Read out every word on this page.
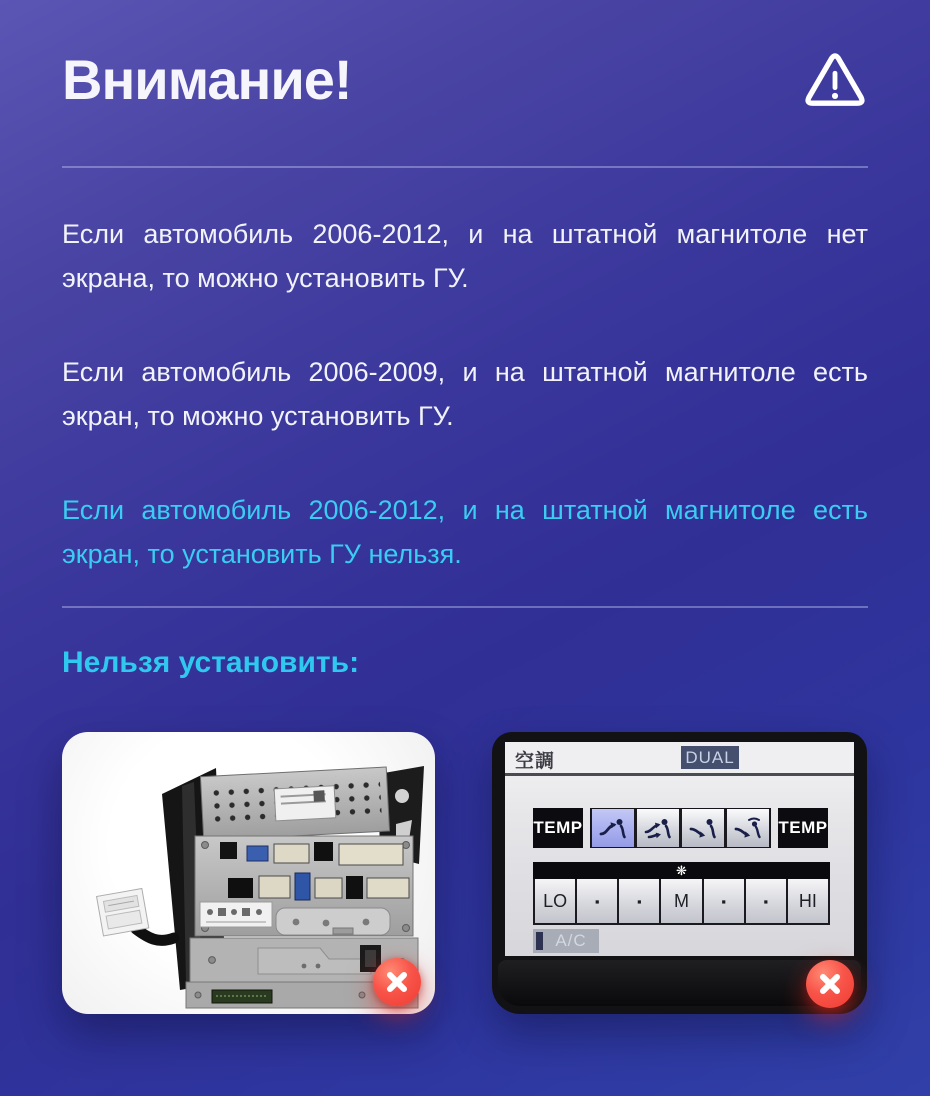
Внимание!

Если автомобиль 2006-2012, и на штатной магнитоле нет
экрана, то можно установить ГУ.

Если автомобиль 2006-2009, и на штатной магнитоле есть
экран, то можно установить ГУ.

Если автомобиль 2006-2012, и на штатной магнитоле есть
экран, то установить ГУ нельзя.

Нельзя установить:
空調	DUAL
TEMP	TEMP
❋
LO	▪	▪	M	▪	▪	HI
A/C
